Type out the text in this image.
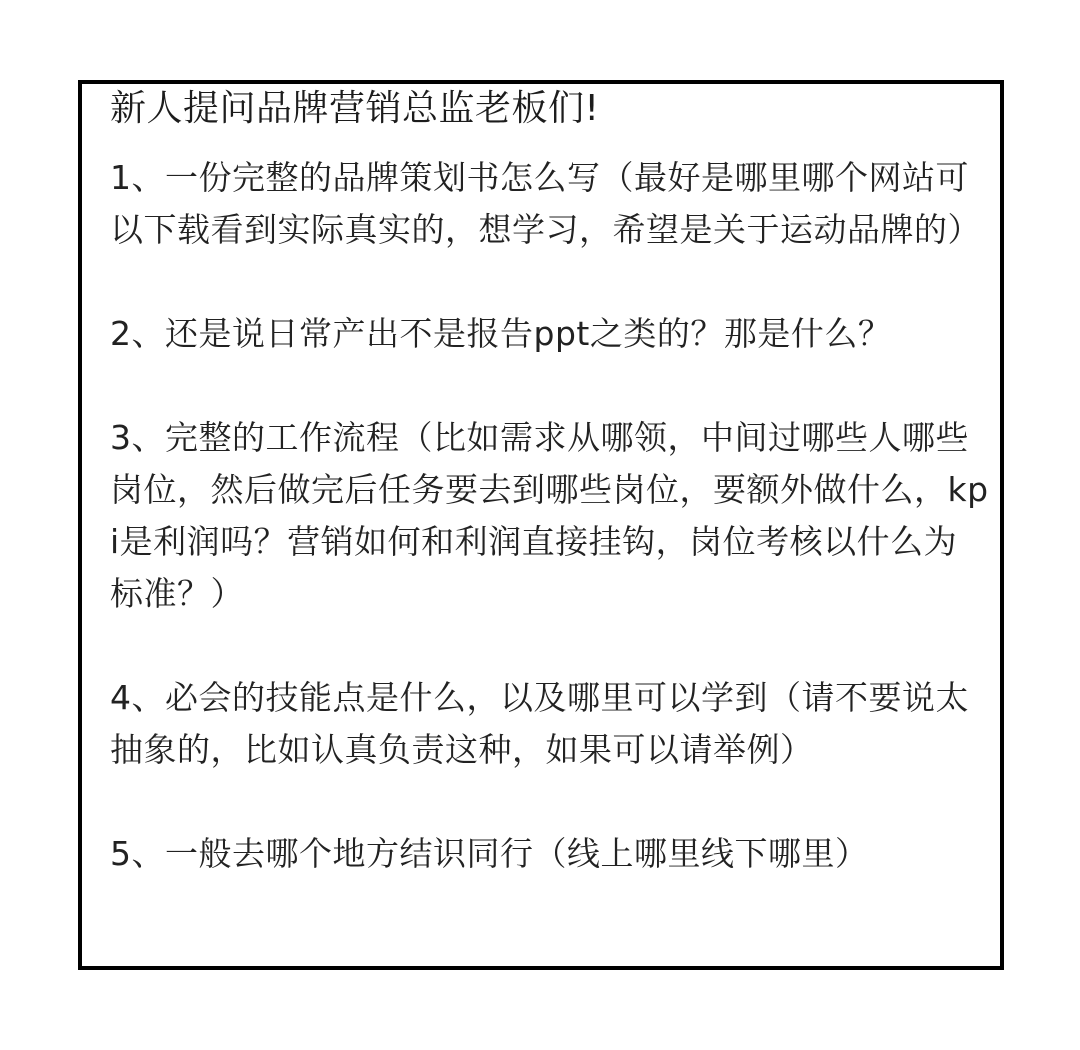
新人提问品牌营销总监老板们!

1、一份完整的品牌策划书怎么写（最好是哪里哪个网站可以下载看到实际真实的，想学习，希望是关于运动品牌的）

2、还是说日常产出不是报告ppt之类的？那是什么？

3、完整的工作流程（比如需求从哪领，中间过哪些人哪些岗位，然后做完后任务要去到哪些岗位，要额外做什么，kpi是利润吗？营销如何和利润直接挂钩，岗位考核以什么为标准？）

4、必会的技能点是什么，以及哪里可以学到（请不要说太抽象的，比如认真负责这种，如果可以请举例）

5、一般去哪个地方结识同行（线上哪里线下哪里）
